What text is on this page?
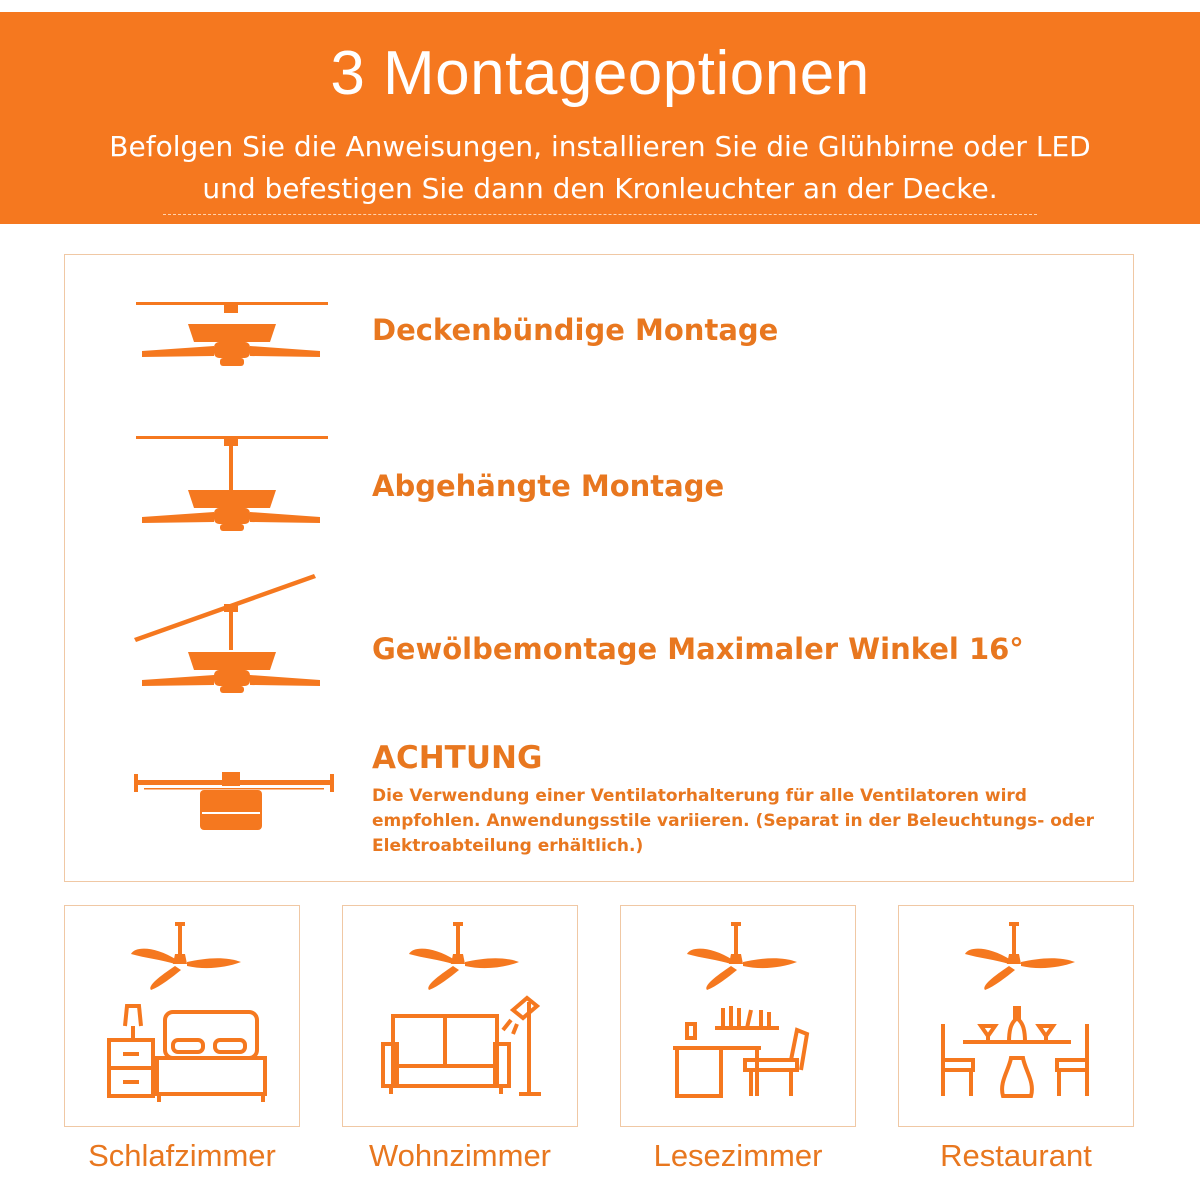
3 Montageoptionen
Befolgen Sie die Anweisungen, installieren Sie die Glühbirne oder LED
und befestigen Sie dann den Kronleuchter an der Decke.
Deckenbündige Montage
Abgehängte Montage
Gewölbemontage Maximaler Winkel 16°
ACHTUNG
Die Verwendung einer Ventilatorhalterung für alle Ventilatoren wird empfohlen. Anwendungsstile variieren. (Separat in der Beleuchtungs- oder Elektroabteilung erhältlich.)
Schlafzimmer	Wohnzimmer	Lesezimmer	Restaurant
